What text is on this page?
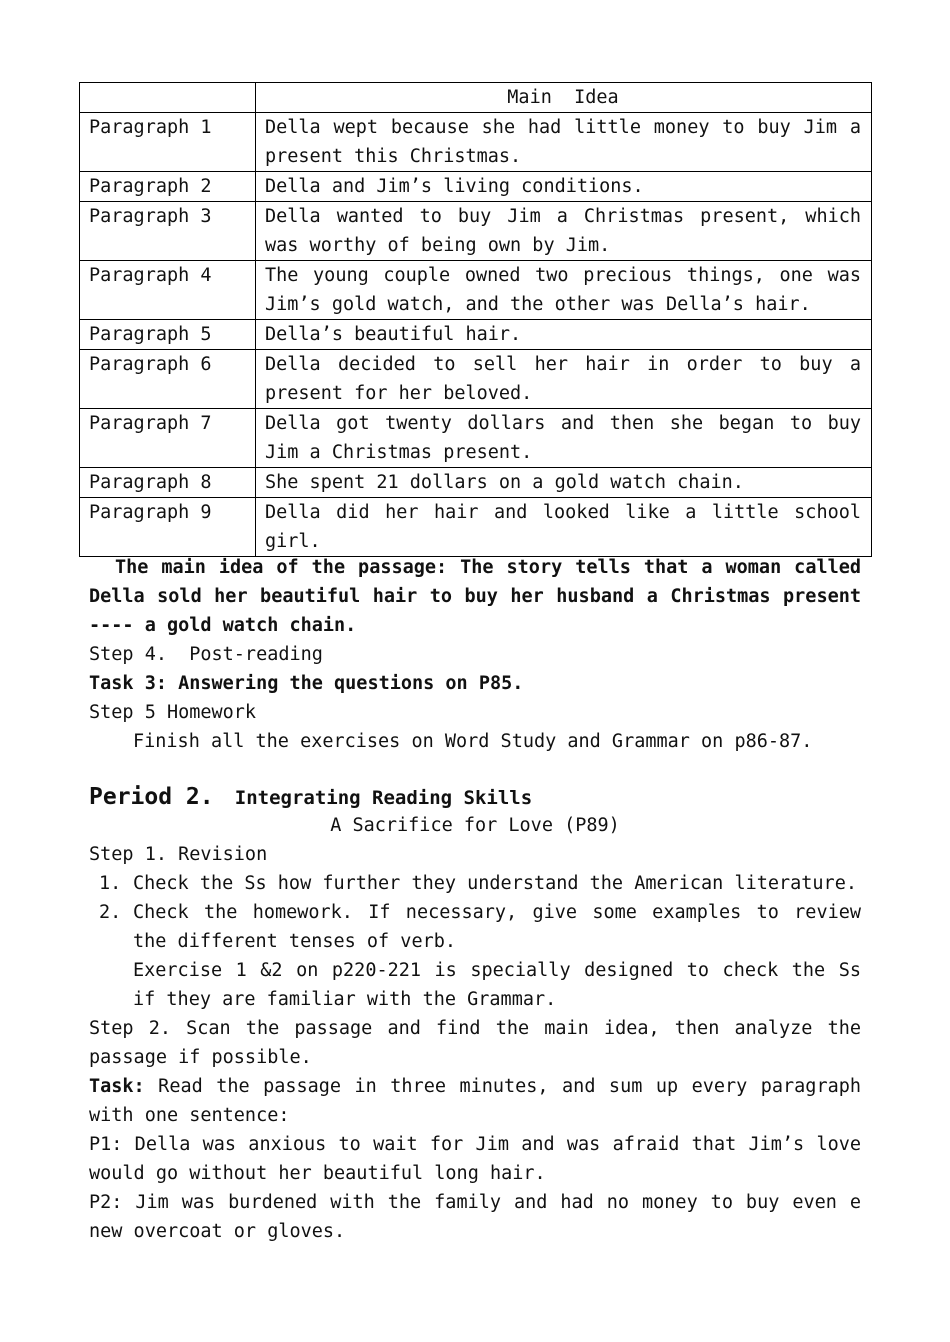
	Main  Idea
Paragraph 1	Della wept because she had little money to buy Jim a present this Christmas.
Paragraph 2	Della and Jim’s living conditions.
Paragraph 3	Della wanted to buy Jim a Christmas present, which was worthy of being own by Jim.
Paragraph 4	The young couple owned two precious things, one was Jim’s gold watch, and the other was Della’s hair.
Paragraph 5	Della’s beautiful hair.
Paragraph 6	Della decided to sell her hair in order to buy a present for her beloved.
Paragraph 7	Della got twenty dollars and then she began to buy Jim a Christmas present.
Paragraph 8	She spent 21 dollars on a gold watch chain.
Paragraph 9	Della did her hair and looked like a little school girl.
The main idea of the passage: The story tells that a woman called Della sold her beautiful hair to buy her husband a Christmas present ---- a gold watch chain.
Step 4.  Post-reading
Task 3: Answering the questions on P85.
Step 5 Homework
Finish all the exercises on Word Study and Grammar on p86-87.
Period 2. Integrating Reading Skills
A Sacrifice for Love (P89)
Step 1. Revision
1. Check the Ss how further they understand the American literature.
2. Check the homework. If necessary, give some examples to review the different tenses of verb.
Exercise 1 &2 on p220-221 is specially designed to check the Ss if they are familiar with the Grammar.
Step 2. Scan the passage and find the main idea, then analyze the passage if possible.
Task: Read the passage in three minutes, and sum up every paragraph with one sentence:
P1: Della was anxious to wait for Jim and was afraid that Jim’s love would go without her beautiful long hair.
P2: Jim was burdened with the family and had no money to buy even e new overcoat or gloves.
